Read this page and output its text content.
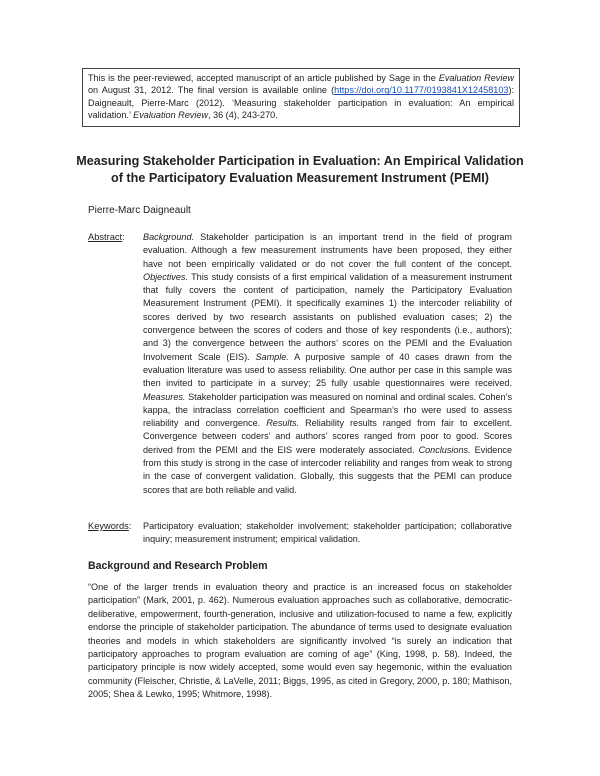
This is the peer-reviewed, accepted manuscript of an article published by Sage in the Evaluation Review on August 31, 2012. The final version is available online (https://doi.org/10.1177/0193841X12458103): Daigneault, Pierre-Marc (2012). ‘Measuring stakeholder participation in evaluation: An empirical validation.’ Evaluation Review, 36 (4), 243-270.
Measuring Stakeholder Participation in Evaluation: An Empirical Validation
of the Participatory Evaluation Measurement Instrument (PEMI)
Pierre-Marc Daigneault
Abstract: Background. Stakeholder participation is an important trend in the field of program evaluation. Although a few measurement instruments have been proposed, they either have not been empirically validated or do not cover the full content of the concept. Objectives. This study consists of a first empirical validation of a measurement instrument that fully covers the content of participation, namely the Participatory Evaluation Measurement Instrument (PEMI). It specifically examines 1) the intercoder reliability of scores derived by two research assistants on published evaluation cases; 2) the convergence between the scores of coders and those of key respondents (i.e., authors); and 3) the convergence between the authors’ scores on the PEMI and the Evaluation Involvement Scale (EIS). Sample. A purposive sample of 40 cases drawn from the evaluation literature was used to assess reliability. One author per case in this sample was then invited to participate in a survey; 25 fully usable questionnaires were received. Measures. Stakeholder participation was measured on nominal and ordinal scales. Cohen’s kappa, the intraclass correlation coefficient and Spearman’s rho were used to assess reliability and convergence. Results. Reliability results ranged from fair to excellent. Convergence between coders’ and authors’ scores ranged from poor to good. Scores derived from the PEMI and the EIS were moderately associated. Conclusions. Evidence from this study is strong in the case of intercoder reliability and ranges from weak to strong in the case of convergent validation. Globally, this suggests that the PEMI can produce scores that are both reliable and valid.
Keywords: Participatory evaluation; stakeholder involvement; stakeholder participation; collaborative inquiry; measurement instrument; empirical validation.
Background and Research Problem
“One of the larger trends in evaluation theory and practice is an increased focus on stakeholder participation” (Mark, 2001, p. 462). Numerous evaluation approaches such as collaborative, democratic-deliberative, empowerment, fourth-generation, inclusive and utilization-focused to name a few, explicitly endorse the principle of stakeholder participation. The abundance of terms used to designate evaluation theories and models in which stakeholders are significantly involved “is surely an indication that participatory approaches to program evaluation are coming of age” (King, 1998, p. 58). Indeed, the participatory principle is now widely accepted, some would even say hegemonic, within the evaluation community (Fleischer, Christie, & LaVelle, 2011; Biggs, 1995, as cited in Gregory, 2000, p. 180; Mathison, 2005; Shea & Lewko, 1995; Whitmore, 1998).
